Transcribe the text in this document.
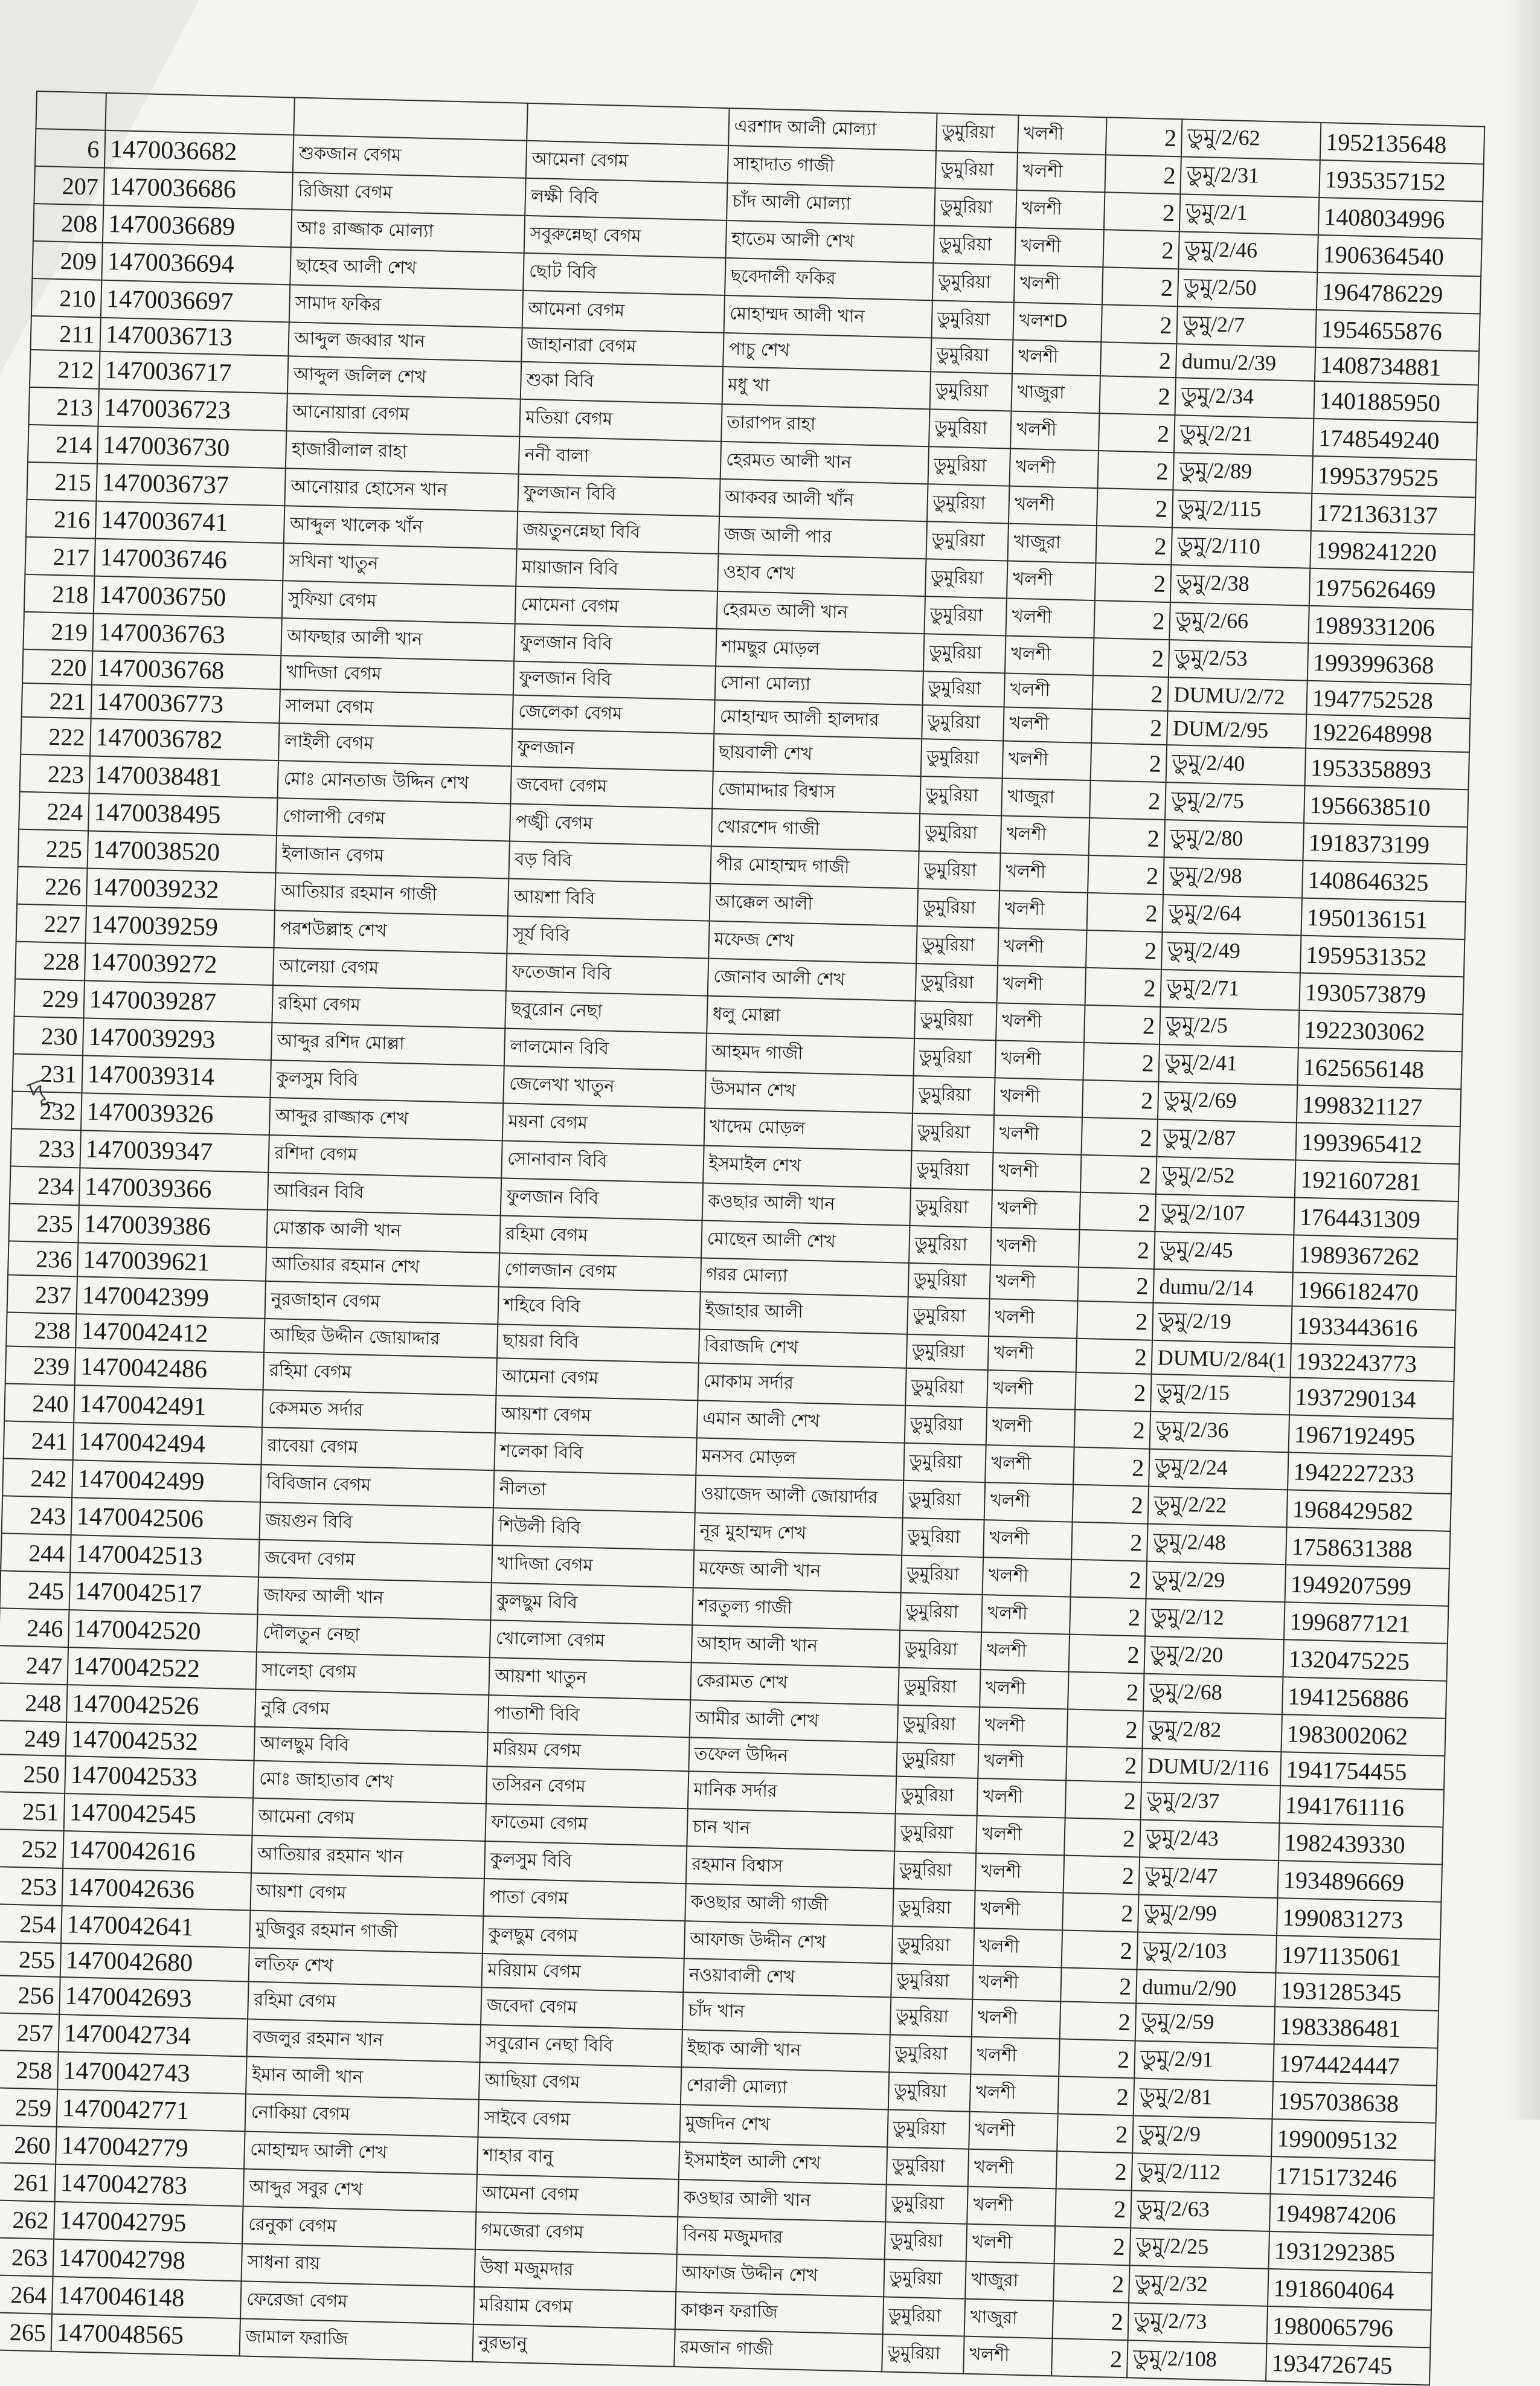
দূ
				এরশাদ আলী মোল্যা	ডুমুরিয়া	খলশী	2	ডুমু/2/62	1952135648
6	1470036682	শুকজান বেগম	আমেনা বেগম	সাহাদাত গাজী	ডুমুরিয়া	খলশী	2	ডুমু/2/31	1935357152
207	1470036686	রিজিয়া বেগম	লক্ষী বিবি	চাঁদ আলী মোল্যা	ডুমুরিয়া	খলশী	2	ডুমু/2/1	1408034996
208	1470036689	আঃ রাজ্জাক মোল্যা	সবুরুন্নেছা বেগম	হাতেম আলী শেখ	ডুমুরিয়া	খলশী	2	ডুমু/2/46	1906364540
209	1470036694	ছাহেব আলী শেখ	ছোট বিবি	ছবেদালী ফকির	ডুমুরিয়া	খলশী	2	ডুমু/2/50	1964786229
210	1470036697	সামাদ ফকির	আমেনা বেগম	মোহাম্মদ আলী খান	ডুমুরিয়া	খলশD	2	ডুমু/2/7	1954655876
211	1470036713	আব্দুল জব্বার খান	জাহানারা বেগম	পাচু শেখ	ডুমুরিয়া	খলশী	2	dumu/2/39	1408734881
212	1470036717	আব্দুল জলিল শেখ	শুকা বিবি	মধু খা	ডুমুরিয়া	খাজুরা	2	ডুমু/2/34	1401885950
213	1470036723	আনোয়ারা বেগম	মতিয়া বেগম	তারাপদ রাহা	ডুমুরিয়া	খলশী	2	ডুমু/2/21	1748549240
214	1470036730	হাজারীলাল রাহা	ননী বালা	হেরমত আলী খান	ডুমুরিয়া	খলশী	2	ডুমু/2/89	1995379525
215	1470036737	আনোয়ার হোসেন খান	ফুলজান বিবি	আকবর আলী খাঁন	ডুমুরিয়া	খলশী	2	ডুমু/2/115	1721363137
216	1470036741	আব্দুল খালেক খাঁন	জয়তুনন্নেছা বিবি	জজ আলী পার	ডুমুরিয়া	খাজুরা	2	ডুমু/2/110	1998241220
217	1470036746	সখিনা খাতুন	মায়াজান বিবি	ওহাব শেখ	ডুমুরিয়া	খলশী	2	ডুমু/2/38	1975626469
218	1470036750	সুফিয়া বেগম	মোমেনা বেগম	হেরমত আলী খান	ডুমুরিয়া	খলশী	2	ডুমু/2/66	1989331206
219	1470036763	আফছার আলী খান	ফুলজান বিবি	শামছুর মোড়ল	ডুমুরিয়া	খলশী	2	ডুমু/2/53	1993996368
220	1470036768	খাদিজা বেগম	ফুলজান বিবি	সোনা মোল্যা	ডুমুরিয়া	খলশী	2	DUMU/2/72	1947752528
221	1470036773	সালমা বেগম	জেলেকা বেগম	মোহাম্মদ আলী হালদার	ডুমুরিয়া	খলশী	2	DUM/2/95	1922648998
222	1470036782	লাইলী বেগম	ফুলজান	ছায়বালী শেখ	ডুমুরিয়া	খলশী	2	ডুমু/2/40	1953358893
223	1470038481	মোঃ মোনতাজ উদ্দিন শেখ	জবেদা বেগম	জোমাদ্দার বিশ্বাস	ডুমুরিয়া	খাজুরা	2	ডুমু/2/75	1956638510
224	1470038495	গোলাপী বেগম	পঙ্খী বেগম	খোরশেদ গাজী	ডুমুরিয়া	খলশী	2	ডুমু/2/80	1918373199
225	1470038520	ইলাজান বেগম	বড় বিবি	পীর মোহাম্মদ গাজী	ডুমুরিয়া	খলশী	2	ডুমু/2/98	1408646325
226	1470039232	আতিয়ার রহমান গাজী	আয়শা বিবি	আক্কেল আলী	ডুমুরিয়া	খলশী	2	ডুমু/2/64	1950136151
227	1470039259	পরশউল্লাহ শেখ	সূর্য বিবি	মফেজ শেখ	ডুমুরিয়া	খলশী	2	ডুমু/2/49	1959531352
228	1470039272	আলেয়া বেগম	ফতেজান বিবি	জোনাব আলী শেখ	ডুমুরিয়া	খলশী	2	ডুমু/2/71	1930573879
229	1470039287	রহিমা বেগম	ছবুরোন নেছা	ধলু মোল্লা	ডুমুরিয়া	খলশী	2	ডুমু/2/5	1922303062
230	1470039293	আব্দুর রশিদ মোল্লা	লালমোন বিবি	আহমদ গাজী	ডুমুরিয়া	খলশী	2	ডুমু/2/41	1625656148
231	1470039314	কুলসুম বিবি	জেলেখা খাতুন	উসমান শেখ	ডুমুরিয়া	খলশী	2	ডুমু/2/69	1998321127
232	1470039326	আব্দুর রাজ্জাক শেখ	ময়না বেগম	খাদেম মোড়ল	ডুমুরিয়া	খলশী	2	ডুমু/2/87	1993965412
233	1470039347	রশিদা বেগম	সোনাবান বিবি	ইসমাইল শেখ	ডুমুরিয়া	খলশী	2	ডুমু/2/52	1921607281
234	1470039366	আবিরন বিবি	ফুলজান বিবি	কওছার আলী খান	ডুমুরিয়া	খলশী	2	ডুমু/2/107	1764431309
235	1470039386	মোস্তাক আলী খান	রহিমা বেগম	মোছেন আলী শেখ	ডুমুরিয়া	খলশী	2	ডুমু/2/45	1989367262
236	1470039621	আতিয়ার রহমান শেখ	গোলজান বেগম	গরর মোল্যা	ডুমুরিয়া	খলশী	2	dumu/2/14	1966182470
237	1470042399	নুরজাহান বেগম	শহিবে বিবি	ইজাহার আলী	ডুমুরিয়া	খলশী	2	ডুমু/2/19	1933443616
238	1470042412	আছির উদ্দীন জোয়াদ্দার	ছায়রা বিবি	বিরাজদি শেখ	ডুমুরিয়া	খলশী	2	DUMU/2/84(1	1932243773
239	1470042486	রহিমা বেগম	আমেনা বেগম	মোকাম সর্দার	ডুমুরিয়া	খলশী	2	ডুমু/2/15	1937290134
240	1470042491	কেসমত সর্দার	আয়শা বেগম	এমান আলী শেখ	ডুমুরিয়া	খলশী	2	ডুমু/2/36	1967192495
241	1470042494	রাবেয়া বেগম	শলেকা বিবি	মনসব মোড়ল	ডুমুরিয়া	খলশী	2	ডুমু/2/24	1942227233
242	1470042499	বিবিজান বেগম	নীলতা	ওয়াজেদ আলী জোয়ার্দার	ডুমুরিয়া	খলশী	2	ডুমু/2/22	1968429582
243	1470042506	জয়গুন বিবি	শিউলী বিবি	নূর মুহাম্মদ শেখ	ডুমুরিয়া	খলশী	2	ডুমু/2/48	1758631388
244	1470042513	জবেদা বেগম	খাদিজা বেগম	মফেজ আলী খান	ডুমুরিয়া	খলশী	2	ডুমু/2/29	1949207599
245	1470042517	জাফর আলী খান	কুলছুম বিবি	শরতুল্য গাজী	ডুমুরিয়া	খলশী	2	ডুমু/2/12	1996877121
246	1470042520	দৌলতুন নেছা	খোলোসা বেগম	আহাদ আলী খান	ডুমুরিয়া	খলশী	2	ডুমু/2/20	1320475225
247	1470042522	সালেহা বেগম	আয়শা খাতুন	কেরামত শেখ	ডুমুরিয়া	খলশী	2	ডুমু/2/68	1941256886
248	1470042526	নুরি বেগম	পাতাশী বিবি	আমীর আলী শেখ	ডুমুরিয়া	খলশী	2	ডুমু/2/82	1983002062
249	1470042532	আলছুম বিবি	মরিয়ম বেগম	তফেল উদ্দিন	ডুমুরিয়া	খলশী	2	DUMU/2/116	1941754455
250	1470042533	মোঃ জাহাতাব শেখ	তসিরন বেগম	মানিক সর্দার	ডুমুরিয়া	খলশী	2	ডুমু/2/37	1941761116
251	1470042545	আমেনা বেগম	ফাতেমা বেগম	চান খান	ডুমুরিয়া	খলশী	2	ডুমু/2/43	1982439330
252	1470042616	আতিয়ার রহমান খান	কুলসুম বিবি	রহমান বিশ্বাস	ডুমুরিয়া	খলশী	2	ডুমু/2/47	1934896669
253	1470042636	আয়শা বেগম	পাতা বেগম	কওছার আলী গাজী	ডুমুরিয়া	খলশী	2	ডুমু/2/99	1990831273
254	1470042641	মুজিবুর রহমান গাজী	কুলছুম বেগম	আফাজ উদ্দীন শেখ	ডুমুরিয়া	খলশী	2	ডুমু/2/103	1971135061
255	1470042680	লতিফ শেখ	মরিয়াম বেগম	নওয়াবালী শেখ	ডুমুরিয়া	খলশী	2	dumu/2/90	1931285345
256	1470042693	রহিমা বেগম	জবেদা বেগম	চাঁদ খান	ডুমুরিয়া	খলশী	2	ডুমু/2/59	1983386481
257	1470042734	বজলুর রহমান খান	সবুরোন নেছা বিবি	ইছাক আলী খান	ডুমুরিয়া	খলশী	2	ডুমু/2/91	1974424447
258	1470042743	ইমান আলী খান	আছিয়া বেগম	শেরালী মোল্যা	ডুমুরিয়া	খলশী	2	ডুমু/2/81	1957038638
259	1470042771	নোকিয়া বেগম	সাইবে বেগম	মুজদিন শেখ	ডুমুরিয়া	খলশী	2	ডুমু/2/9	1990095132
260	1470042779	মোহাম্মদ আলী শেখ	শাহার বানু	ইসমাইল আলী শেখ	ডুমুরিয়া	খলশী	2	ডুমু/2/112	1715173246
261	1470042783	আব্দুর সবুর শেখ	আমেনা বেগম	কওছার আলী খান	ডুমুরিয়া	খলশী	2	ডুমু/2/63	1949874206
262	1470042795	রেনুকা বেগম	গমজেরা বেগম	বিনয় মজুমদার	ডুমুরিয়া	খলশী	2	ডুমু/2/25	1931292385
263	1470042798	সাধনা রায়	উষা মজুমদার	আফাজ উদ্দীন শেখ	ডুমুরিয়া	খাজুরা	2	ডুমু/2/32	1918604064
264	1470046148	ফেরেজা বেগম	মরিয়াম বেগম	কাঞ্চন ফরাজি	ডুমুরিয়া	খাজুরা	2	ডুমু/2/73	1980065796
265	1470048565	জামাল ফরাজি	নুরভানু	রমজান গাজী	ডুমুরিয়া	খলশী	2	ডুমু/2/108	1934726745
